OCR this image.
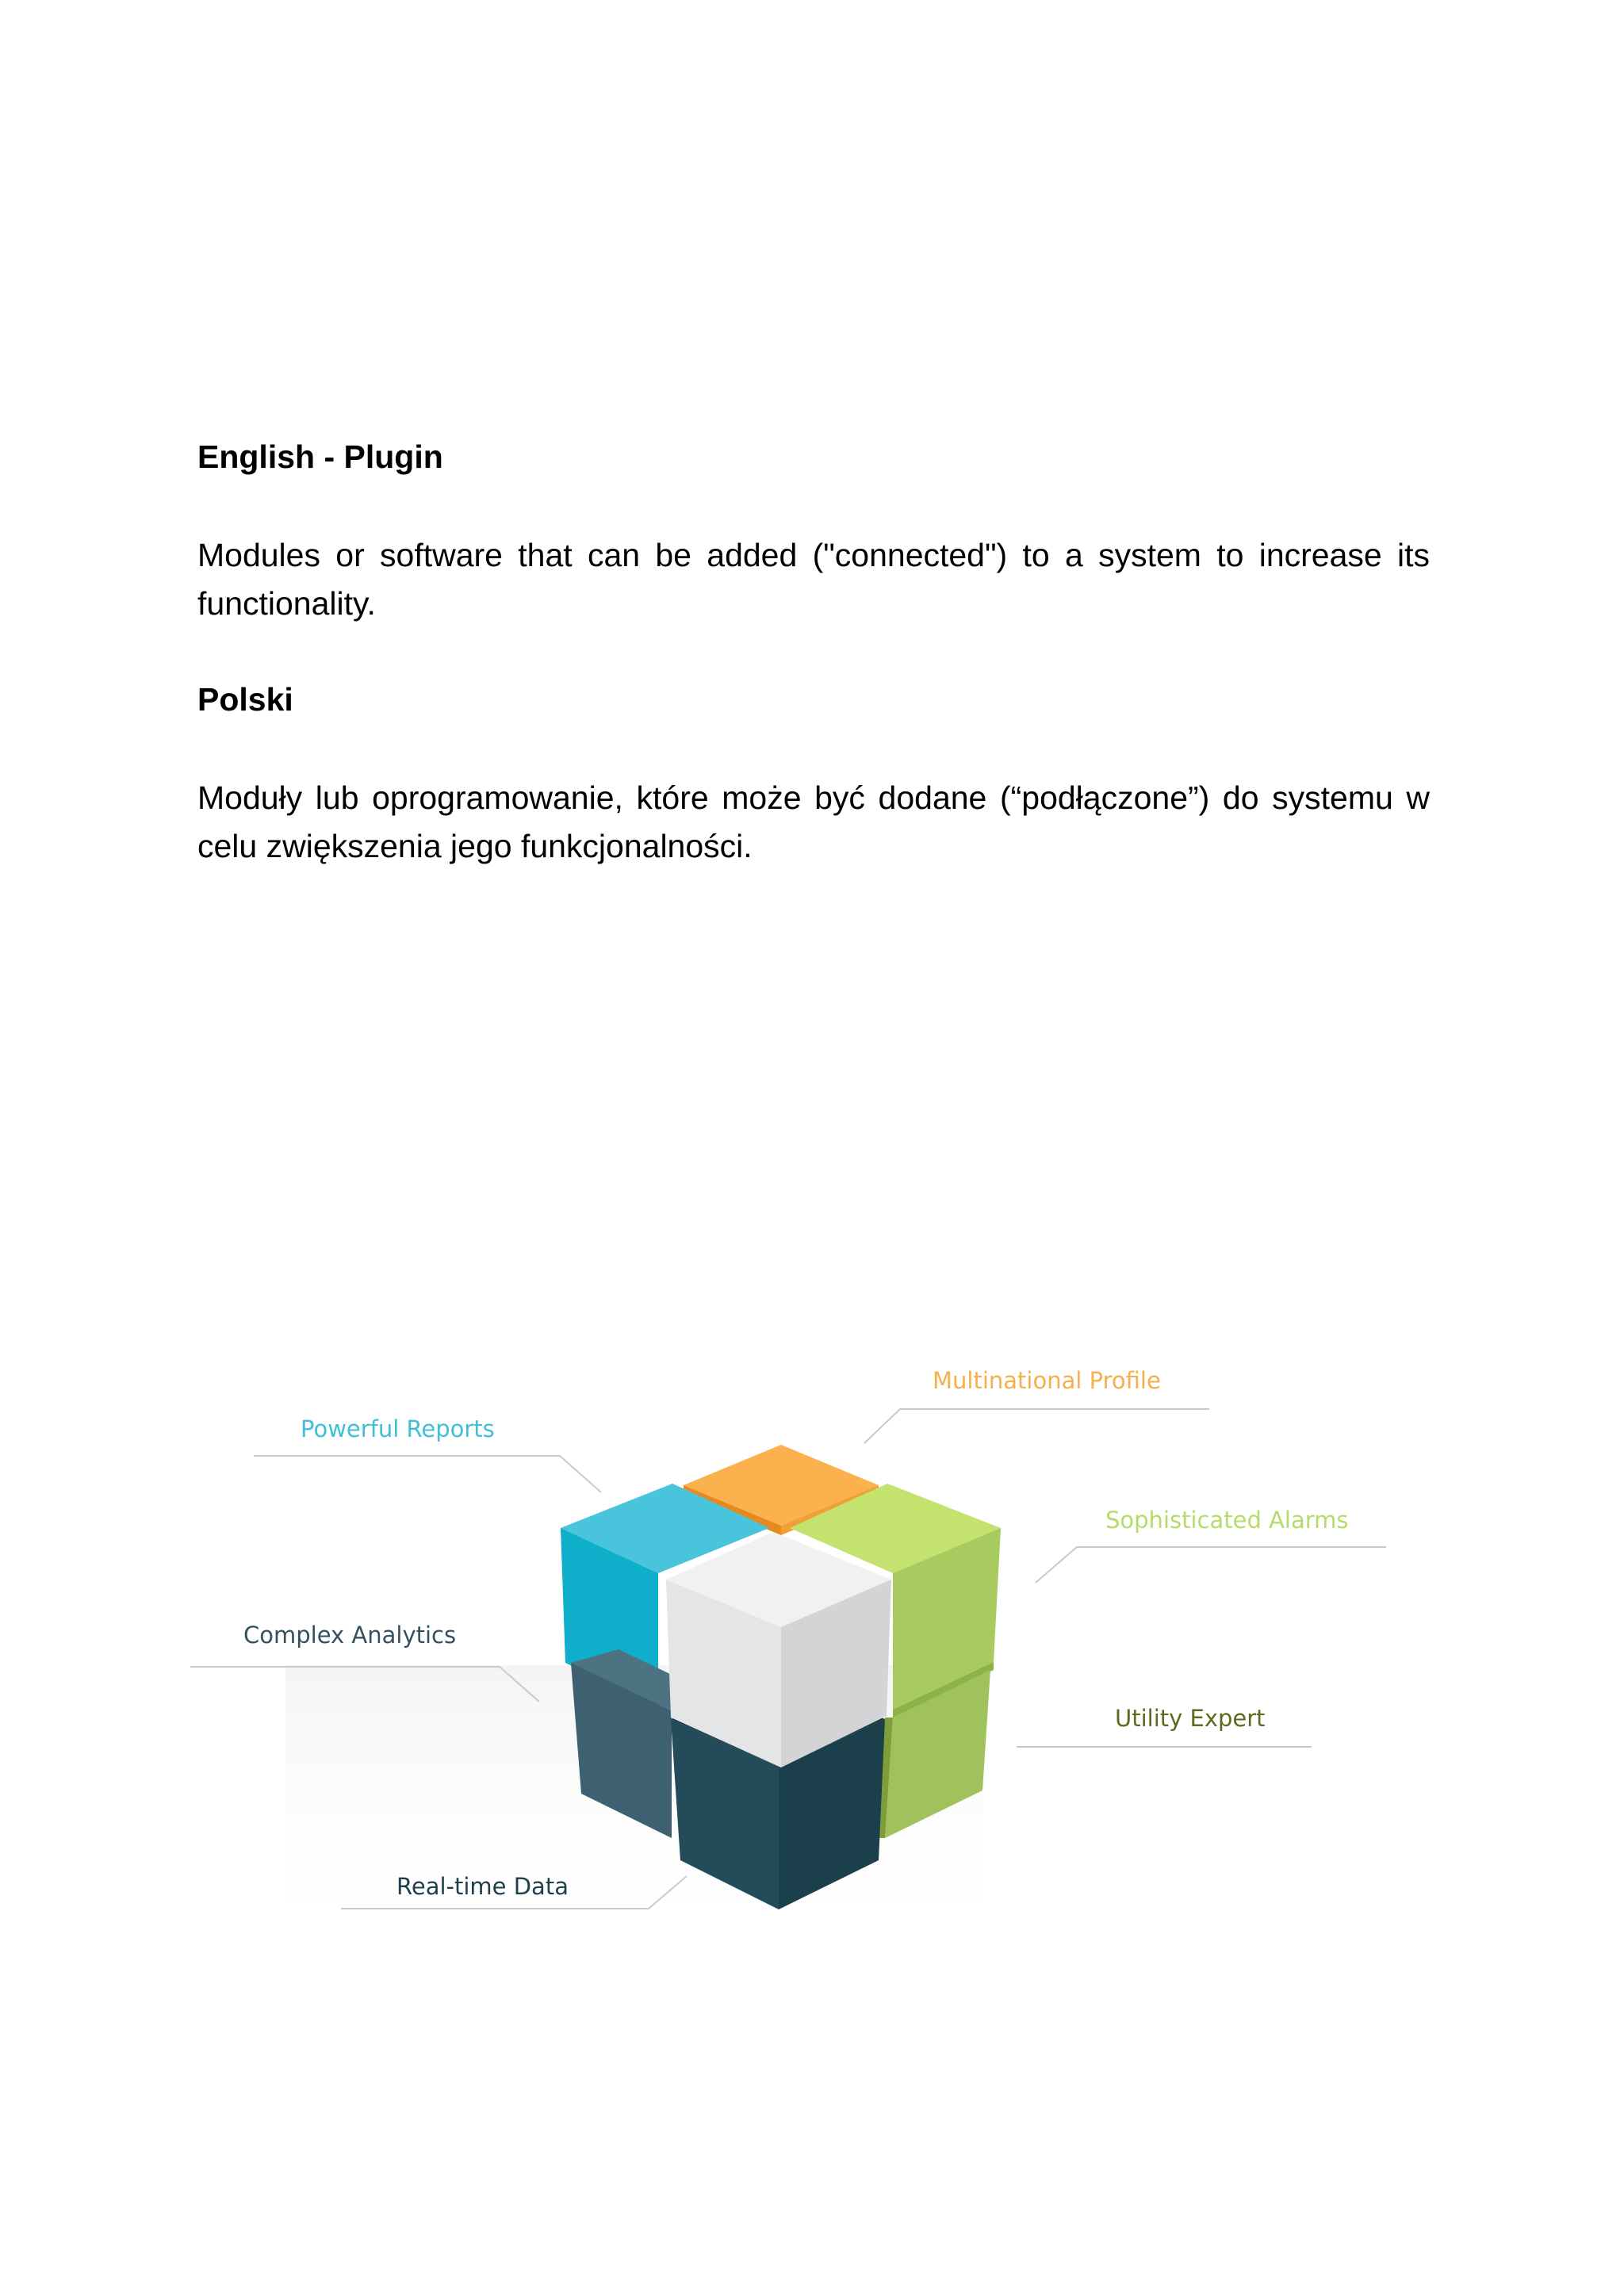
English - Plugin

Modules or software that can be added ("connected") to a system to increase its functionality.

Polski

Moduły lub oprogramowanie, które może być dodane (“podłączone”) do systemu w celu zwiększenia jego funkcjonalności.

Multinational Profile
Powerful Reports
Sophisticated Alarms
Complex Analytics
Utility Expert
Real-time Data
